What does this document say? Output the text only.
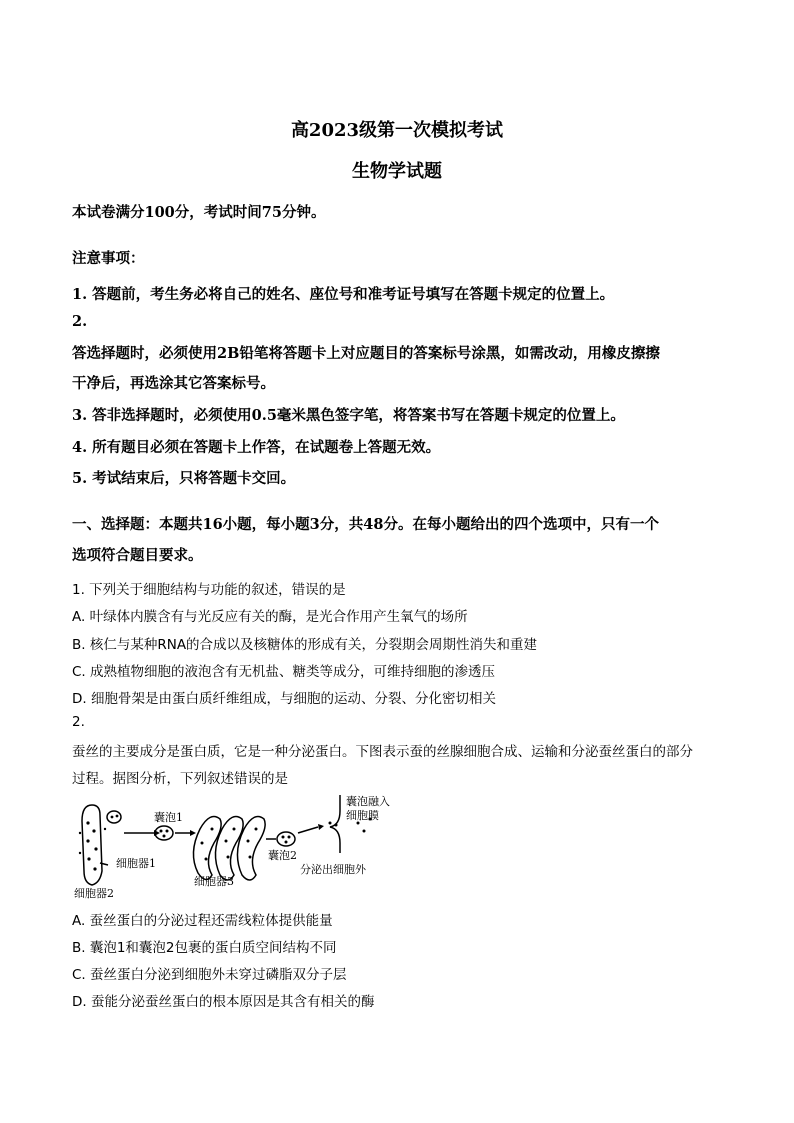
高2023级第一次模拟考试
生物学试题
本试卷满分100分，考试时间75分钟。
注意事项：
1. 答题前，考生务必将自己的姓名、座位号和准考证号填写在答题卡规定的位置上。
2.
答选择题时，必须使用2B铅笔将答题卡上对应题目的答案标号涂黑，如需改动，用橡皮擦擦
干净后，再选涂其它答案标号。
3. 答非选择题时，必须使用0.5毫米黑色签字笔，将答案书写在答题卡规定的位置上。
4. 所有题目必须在答题卡上作答，在试题卷上答题无效。
5. 考试结束后，只将答题卡交回。
一、选择题：本题共16小题，每小题3分，共48分。在每小题给出的四个选项中，只有一个
选项符合题目要求。
1. 下列关于细胞结构与功能的叙述，错误的是
A. 叶绿体内膜含有与光反应有关的酶，是光合作用产生氧气的场所
B. 核仁与某种RNA的合成以及核糖体的形成有关，分裂期会周期性消失和重建
C. 成熟植物细胞的液泡含有无机盐、糖类等成分，可维持细胞的渗透压
D. 细胞骨架是由蛋白质纤维组成，与细胞的运动、分裂、分化密切相关
2.
蚕丝的主要成分是蛋白质，它是一种分泌蛋白。下图表示蚕的丝腺细胞合成、运输和分泌蚕丝蛋白的部分
过程。据图分析，下列叙述错误的是
囊泡1
囊泡2
细胞器1
细胞器2
细胞器3
囊泡融入
细胞膜
分泌出细胞外
A. 蚕丝蛋白的分泌过程还需线粒体提供能量
B. 囊泡1和囊泡2包裹的蛋白质空间结构不同
C. 蚕丝蛋白分泌到细胞外未穿过磷脂双分子层
D. 蚕能分泌蚕丝蛋白的根本原因是其含有相关的酶
